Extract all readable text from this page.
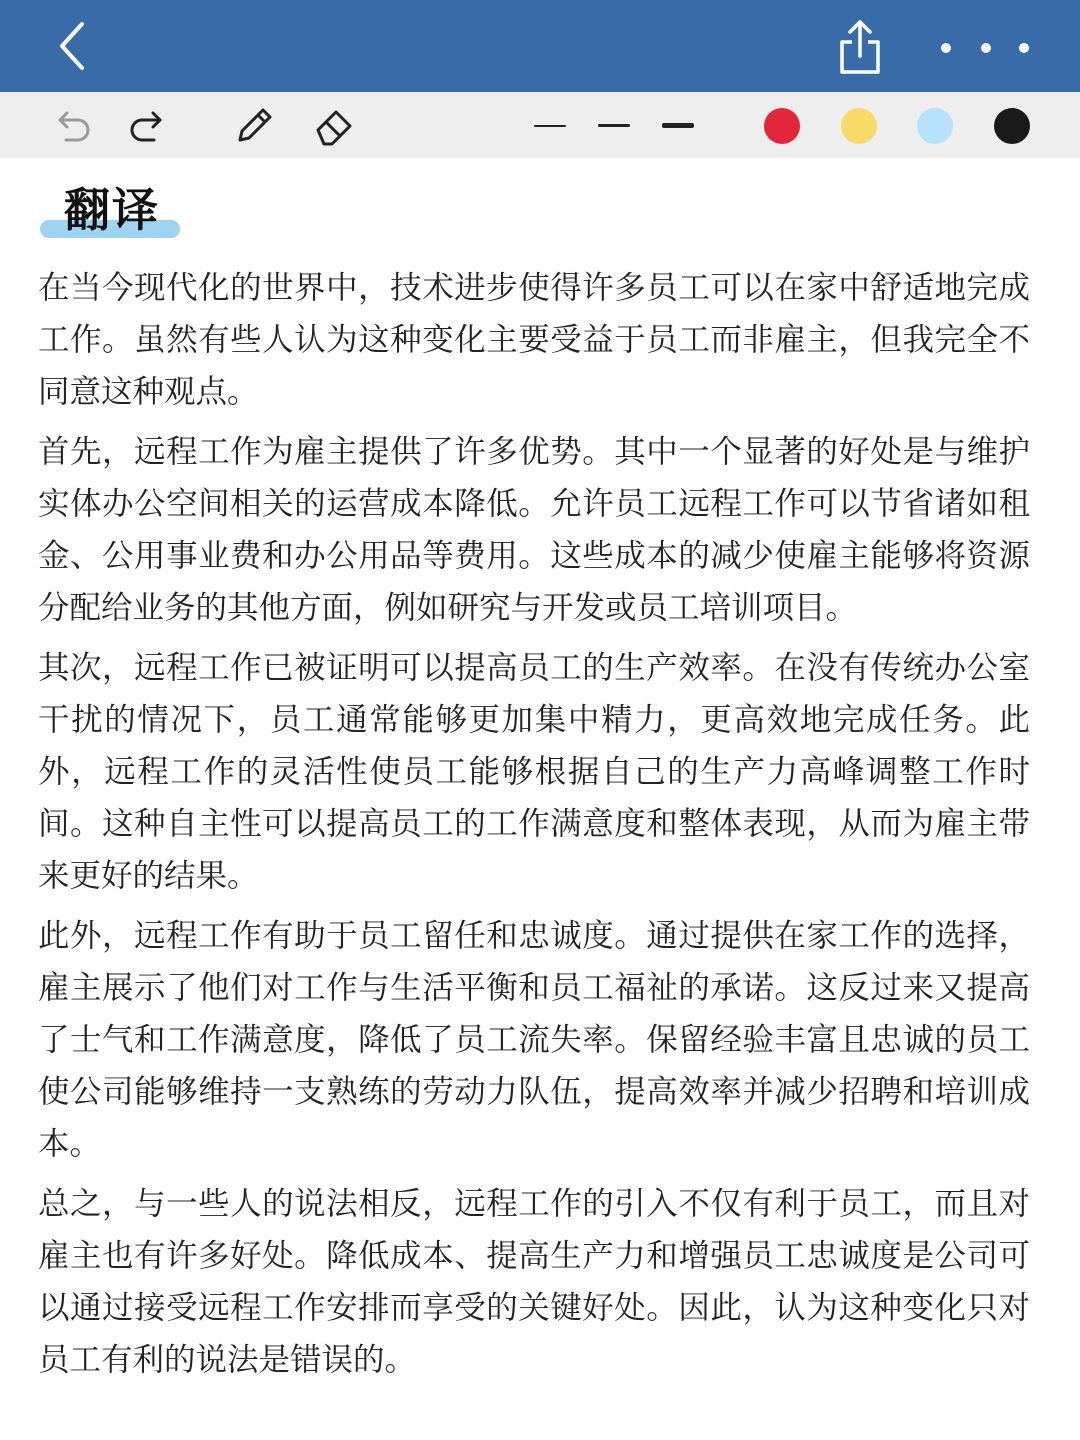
翻译

在当今现代化的世界中，技术进步使得许多员工可以在家中舒适地完成工作。虽然有些人认为这种变化主要受益于员工而非雇主，但我完全不同意这种观点。

首先，远程工作为雇主提供了许多优势。其中一个显著的好处是与维护实体办公空间相关的运营成本降低。允许员工远程工作可以节省诸如租金、公用事业费和办公用品等费用。这些成本的减少使雇主能够将资源分配给业务的其他方面，例如研究与开发或员工培训项目。

其次，远程工作已被证明可以提高员工的生产效率。在没有传统办公室干扰的情况下，员工通常能够更加集中精力，更高效地完成任务。此外，远程工作的灵活性使员工能够根据自己的生产力高峰调整工作时间。这种自主性可以提高员工的工作满意度和整体表现，从而为雇主带来更好的结果。

此外，远程工作有助于员工留任和忠诚度。通过提供在家工作的选择，雇主展示了他们对工作与生活平衡和员工福祉的承诺。这反过来又提高了士气和工作满意度，降低了员工流失率。保留经验丰富且忠诚的员工使公司能够维持一支熟练的劳动力队伍，提高效率并减少招聘和培训成本。

总之，与一些人的说法相反，远程工作的引入不仅有利于员工，而且对雇主也有许多好处。降低成本、提高生产力和增强员工忠诚度是公司可以通过接受远程工作安排而享受的关键好处。因此，认为这种变化只对员工有利的说法是错误的。
